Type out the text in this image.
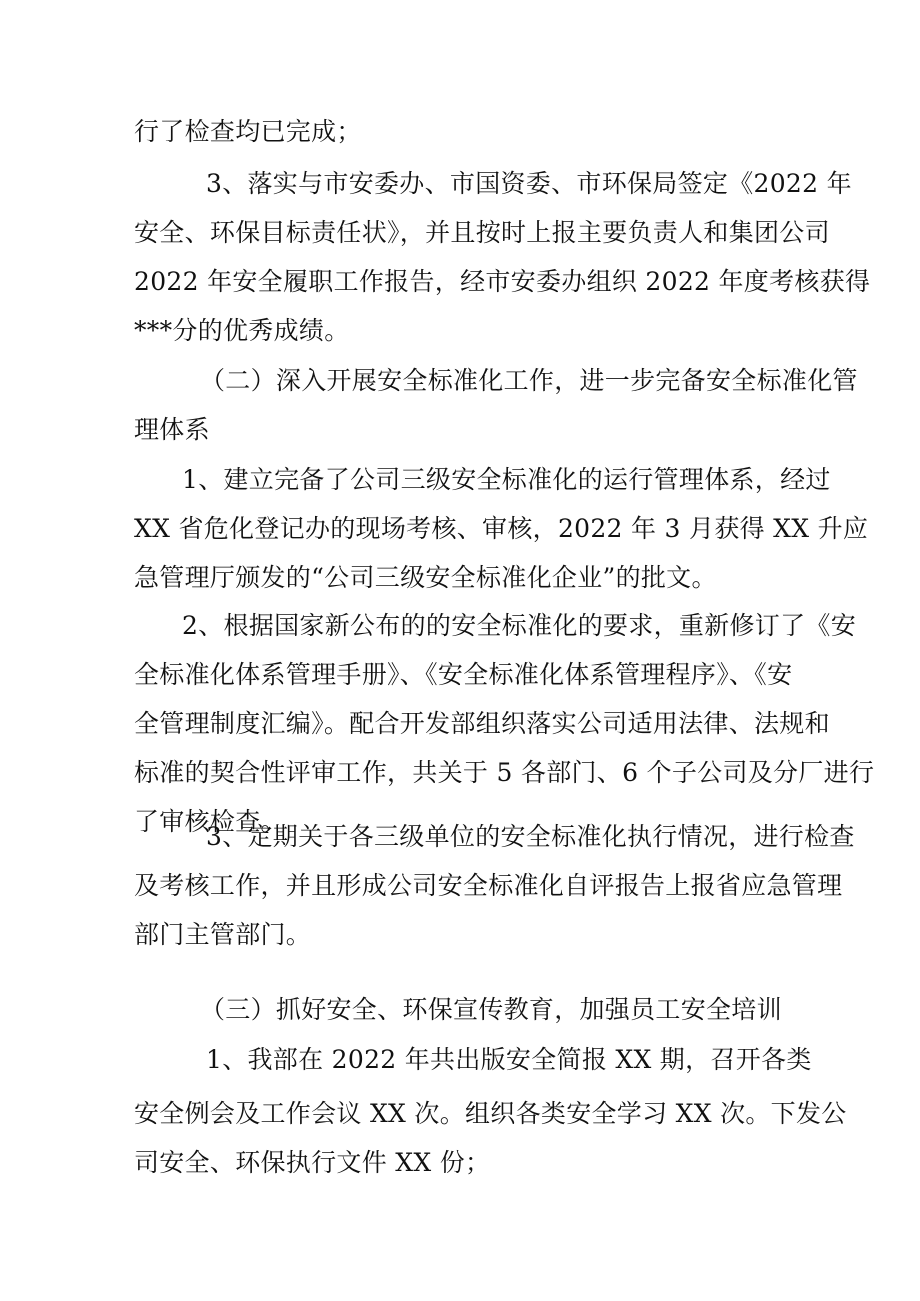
行了检查均已完成；

3、落实与市安委办、市国资委、市环保局签定《2022 年
安全、环保目标责任状》，并且按时上报主要负责人和集团公司
2022 年安全履职工作报告，经市安委办组织 2022 年度考核获得
***分的优秀成绩。

（二）深入开展安全标准化工作，进一步完备安全标准化管
理体系

1、建立完备了公司三级安全标准化的运行管理体系，经过
XX 省危化登记办的现场考核、审核，2022 年 3 月获得 XX 升应
急管理厅颁发的“公司三级安全标准化企业”的批文。

2、根据国家新公布的的安全标准化的要求，重新修订了《安
全标准化体系管理手册》、《安全标准化体系管理程序》、《安
全管理制度汇编》。配合开发部组织落实公司适用法律、法规和
标准的契合性评审工作，共关于 5 各部门、6 个子公司及分厂进行
了审核检查。

3、定期关于各三级单位的安全标准化执行情况，进行检查
及考核工作，并且形成公司安全标准化自评报告上报省应急管理
部门主管部门。

（三）抓好安全、环保宣传教育，加强员工安全培训

1、我部在 2022 年共出版安全简报 XX 期，召开各类

安全例会及工作会议 XX 次。组织各类安全学习 XX 次。下发公
司安全、环保执行文件 XX 份；
